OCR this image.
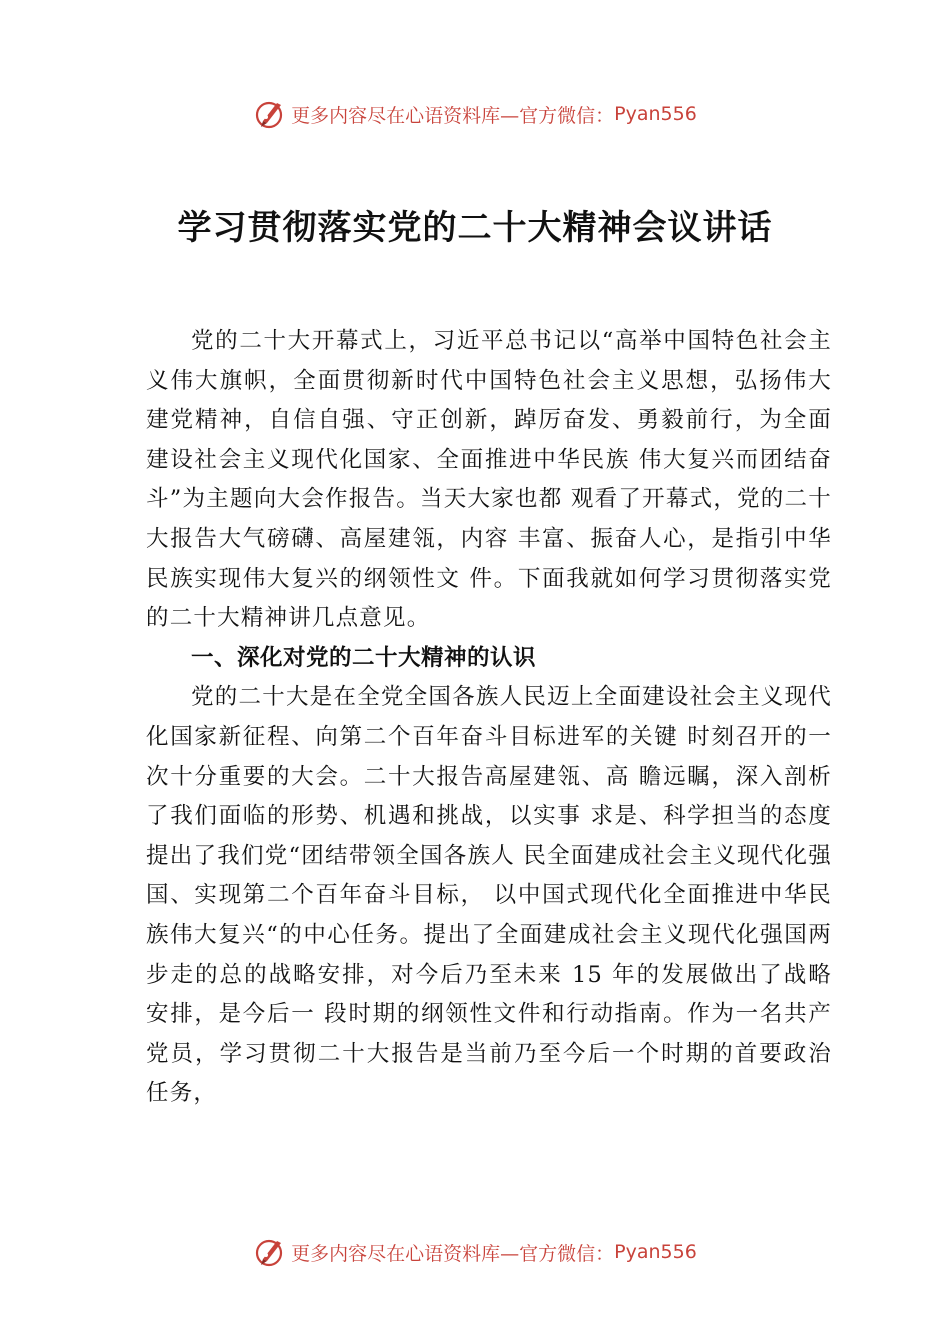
更多内容尽在心语资料库—官方微信： Pyan556
学习贯彻落实党的二十大精神会议讲话

党的二十大开幕式上，习近平总书记以“高举中国特色社会主义伟大旗帜，全面贯彻新时代中国特色社会主义思想，弘扬伟大建党精神，自信自强、守正创新，踔厉奋发、勇毅前行，为全面建设社会主义现代化国家、全面推进中华民族 伟大复兴而团结奋斗”为主题向大会作报告。当天大家也都 观看了开幕式，党的二十大报告大气磅礴、高屋建瓴，内容 丰富、振奋人心，是指引中华民族实现伟大复兴的纲领性文 件。下面我就如何学习贯彻落实党的二十大精神讲几点意见。

一、深化对党的二十大精神的认识

党的二十大是在全党全国各族人民迈上全面建设社会主义现代化国家新征程、向第二个百年奋斗目标进军的关键 时刻召开的一次十分重要的大会。二十大报告高屋建瓴、高 瞻远瞩，深入剖析了我们面临的形势、机遇和挑战，以实事 求是、科学担当的态度提出了我们党“团结带领全国各族人 民全面建成社会主义现代化强国、实现第二个百年奋斗目标， 以中国式现代化全面推进中华民族伟大复兴“的中心任务。提出了全面建成社会主义现代化强国两步走的总的战略安排，对今后乃至未来 15 年的发展做出了战略安排，是今后一 段时期的纲领性文件和行动指南。作为一名共产党员，学习贯彻二十大报告是当前乃至今后一个时期的首要政治任务，

更多内容尽在心语资料库—官方微信： Pyan556
